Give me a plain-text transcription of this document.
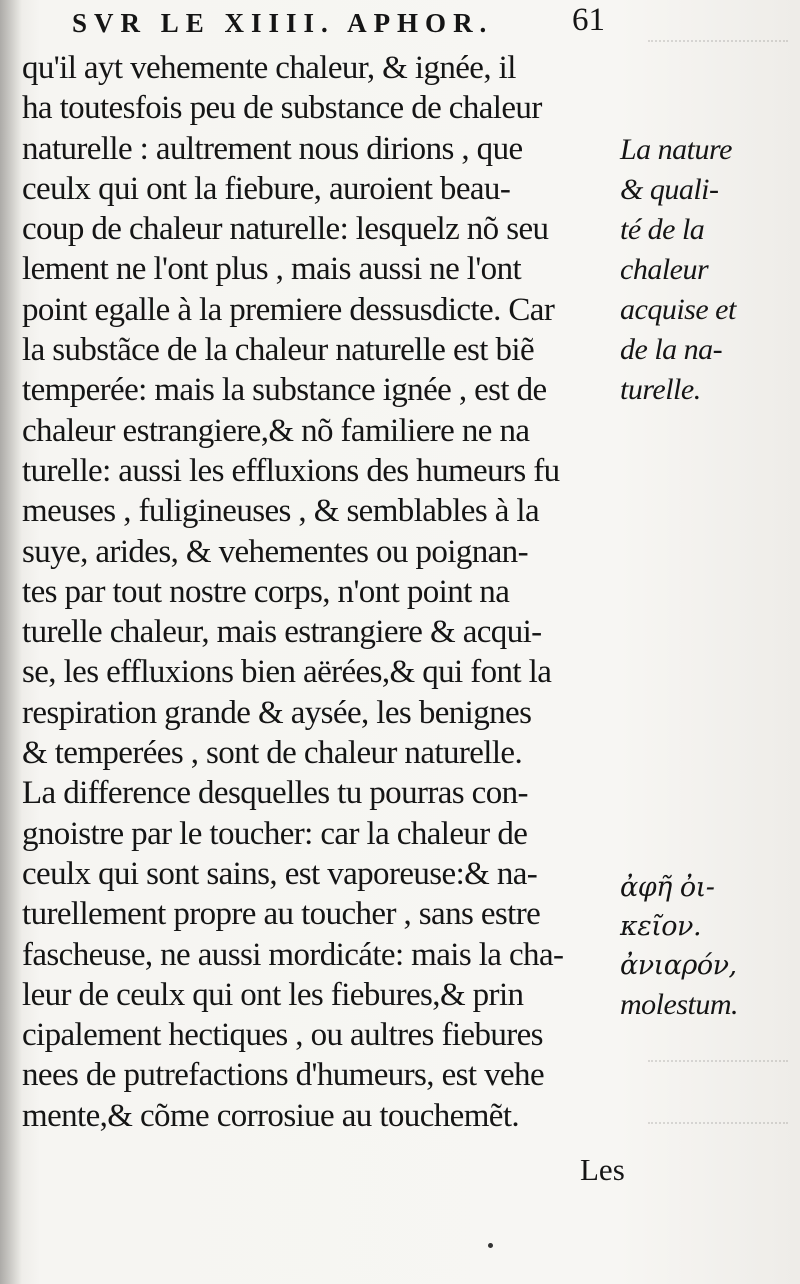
SVR LE XIIII. APHOR. 61
qu'il ayt vehemente chaleur, & ignée, il
ha toutesfois peu de substance de chaleur
naturelle : aultrement nous dirions , que
ceulx qui ont la fiebure, auroient beau-
coup de chaleur naturelle: lesquelz nõ seu
lement ne l'ont plus , mais aussi ne l'ont
point egalle à la premiere dessusdicte. Car
la substãce de la chaleur naturelle est biẽ
temperée: mais la substance ignée , est de
chaleur estrangiere,& nõ familiere ne na
turelle: aussi les effluxions des humeurs fu
meuses , fuligineuses , & semblables à la
suye, arides, & vehementes ou poignan-
tes par tout nostre corps, n'ont point na
turelle chaleur, mais estrangiere & acqui-
se, les effluxions bien aërées,& qui font la
respiration grande & aysée, les benignes
& temperées , sont de chaleur naturelle.
La difference desquelles tu pourras con-
gnoistre par le toucher: car la chaleur de
ceulx qui sont sains, est vaporeuse:& na-
turellement propre au toucher , sans estre
fascheuse, ne aussi mordicáte: mais la cha-
leur de ceulx qui ont les fiebures,& prin
cipalement hectiques , ou aultres fiebures
nees de putrefactions d'humeurs, est vehe
mente,& cõme corrosiue au touchemẽt.
Les
La nature
& quali-
té de la
chaleur
acquise et
de la na-
turelle.
ἀφῆ ὀι-
κεῖον.
ἀνιαρόν,
molestum.
